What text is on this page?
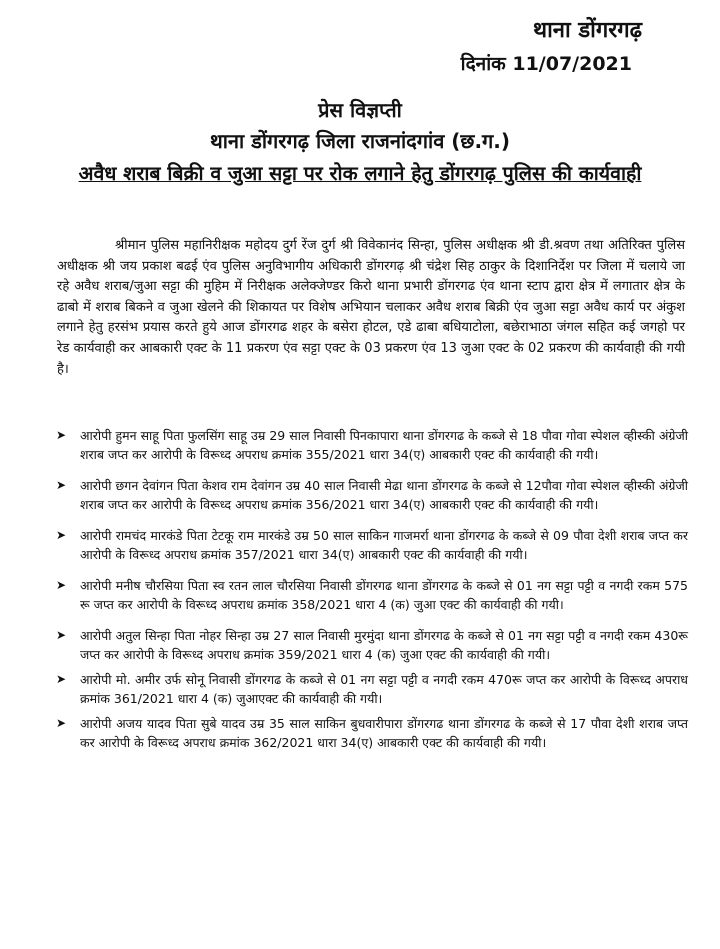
थाना डोंगरगढ़
दिनांक 11/07/2021
प्रेस विज्ञप्ती
थाना डोंगरगढ़ जिला राजनांदगांव (छ.ग.)
अवैध शराब बिक्री व जुआ सट्टा पर रोक लगाने हेतु डोंगरगढ़ पुलिस की कार्यवाही
श्रीमान पुलिस महानिरीक्षक महोदय दुर्ग रेंज दुर्ग श्री विवेकानंद सिन्हा, पुलिस अधीक्षक श्री डी.श्रवण तथा अतिरिक्त पुलिस अधीक्षक श्री जय प्रकाश बढई एंव पुलिस अनुविभागीय अधिकारी डोंगरगढ़ श्री चंद्रेश सिह ठाकुर के दिशानिर्देश पर जिला में चलाये जा रहे अवैध शराब/जुआ सट्टा की मुहिम में निरीक्षक अलेक्जेण्डर किरो थाना प्रभारी डोंगरगढ एंव थाना स्टाप द्वारा क्षेत्र में लगातार क्षेत्र के ढाबो में शराब बिकने व जुआ खेलने की शिकायत पर विशेष अभियान चलाकर अवैध शराब बिक्री एंव जुआ सट्टा अवैध कार्य पर अंकुश लगाने हेतु हरसंभ प्रयास करते हुये आज डोंगरगढ शहर के बसेरा होटल, एडे ढाबा बधियाटोला, बछेराभाठा जंगल सहित कई जगहो पर रेड कार्यवाही कर आबकारी एक्ट के 11 प्रकरण एंव सट्टा एक्ट के 03 प्रकरण एंव 13 जुआ एक्ट के 02 प्रकरण की कार्यवाही की गयी है।
➤ आरोपी हुमन साहू पिता फुलसिंग साहू उम्र 29 साल निवासी पिनकापारा थाना डोंगरगढ के कब्जे से 18 पौवा गोवा स्पेशल व्हीस्की अंग्रेजी शराब जप्त कर आरोपी के विरूध्द अपराध क्रमांक 355/2021 धारा 34(ए) आबकारी एक्ट की कार्यवाही की गयी।
➤ आरोपी छगन देवांगन पिता केशव राम देवांगन उम्र 40 साल निवासी मेढा थाना डोंगरगढ के कब्जे से 12पौवा गोवा स्पेशल व्हीस्की अंग्रेजी शराब जप्त कर आरोपी के विरूध्द अपराध क्रमांक 356/2021 धारा 34(ए) आबकारी एक्ट की कार्यवाही की गयी।
➤ आरोपी रामचंद मारकंडे पिता टेटकू राम मारकंडे उम्र 50 साल साकिन गाजमर्रा थाना डोंगरगढ के कब्जे से 09 पौवा देशी शराब जप्त कर आरोपी के विरूध्द अपराध क्रमांक 357/2021 धारा 34(ए) आबकारी एक्ट की कार्यवाही की गयी।
➤ आरोपी मनीष चौरसिया पिता स्व रतन लाल चौरसिया निवासी डोंगरगढ थाना डोंगरगढ के कब्जे से 01 नग सट्टा पट्टी व नगदी रकम 575 रू जप्त कर आरोपी के विरूध्द अपराध क्रमांक 358/2021 धारा 4 (क) जुआ एक्ट की कार्यवाही की गयी।
➤ आरोपी अतुल सिन्हा पिता नोहर सिन्हा उम्र 27 साल निवासी मुरमुंदा थाना डोंगरगढ के कब्जे से 01 नग सट्टा पट्टी व नगदी रकम 430रू जप्त कर आरोपी के विरूध्द अपराध क्रमांक 359/2021 धारा 4 (क) जुआ एक्ट की कार्यवाही की गयी।
➤ आरोपी मो. अमीर उर्फ सोनू निवासी डोंगरगढ के कब्जे से 01 नग सट्टा पट्टी व नगदी रकम 470रू जप्त कर आरोपी के विरूध्द अपराध क्रमांक 361/2021 धारा 4 (क) जुआएक्ट की कार्यवाही की गयी।
➤ आरोपी अजय यादव पिता सुबे यादव उम्र 35 साल साकिन बुधवारीपारा डोंगरगढ थाना डोंगरगढ के कब्जे से 17 पौवा देशी शराब जप्त कर आरोपी के विरूध्द अपराध क्रमांक 362/2021 धारा 34(ए) आबकारी एक्ट की कार्यवाही की गयी।
